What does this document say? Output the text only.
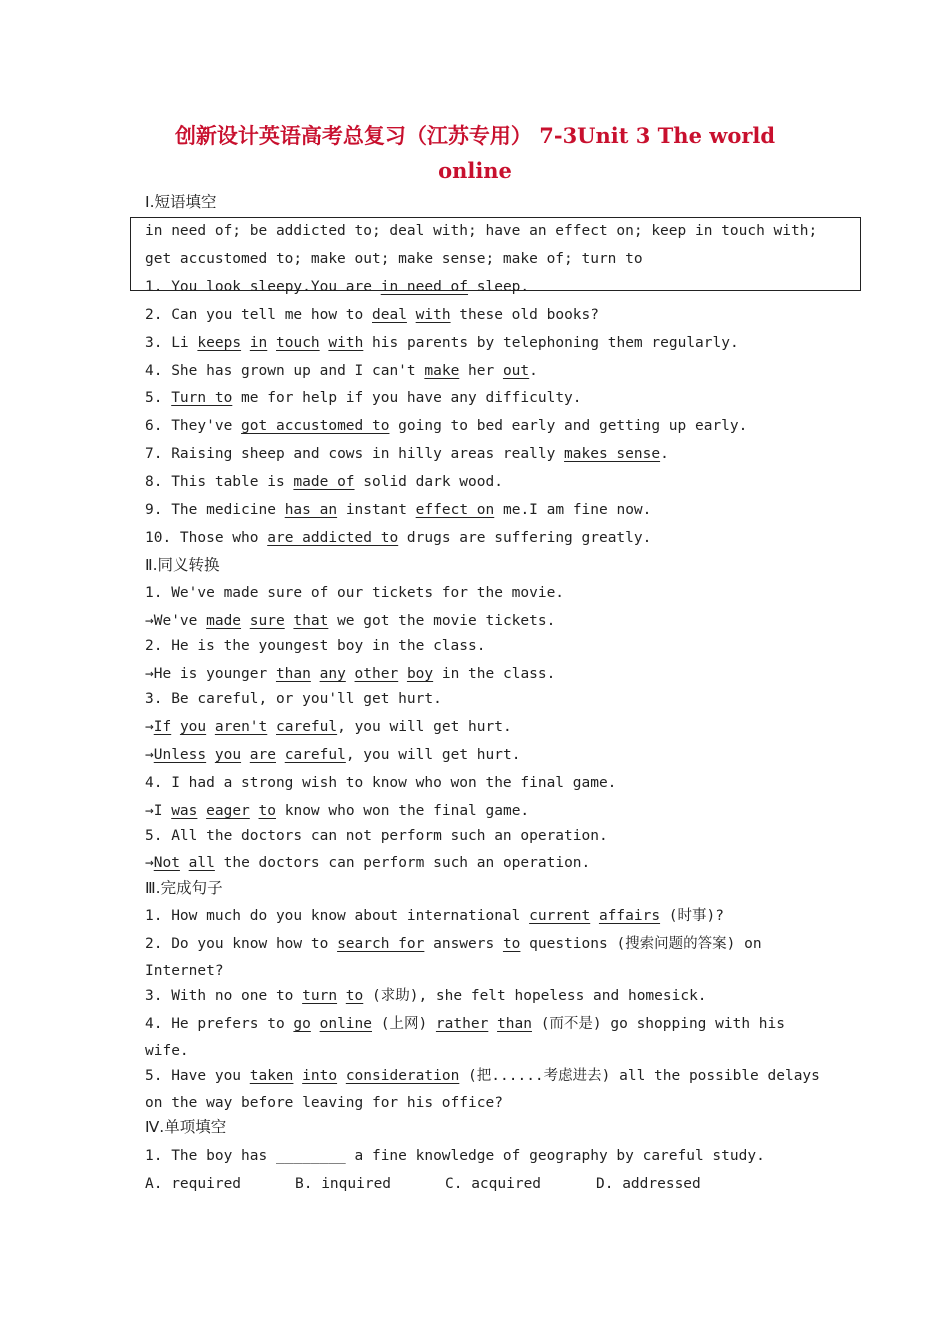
创新设计英语高考总复习（江苏专用） 7-3Unit 3 The world
online
Ⅰ.短语填空
in need of; be addicted to; deal with; have an effect on; keep in touch with;
get accustomed to; make out; make sense; make of; turn to
1. You look sleepy.You are in need of sleep.
2. Can you tell me how to deal with these old books?
3. Li keeps in touch with his parents by telephoning them regularly.
4. She has grown up and I can't make her out.
5. Turn to me for help if you have any difficulty.
6. They've got accustomed to going to bed early and getting up early.
7. Raising sheep and cows in hilly areas really makes sense.
8. This table is made of solid dark wood.
9. The medicine has an instant effect on me.I am fine now.
10. Those who are addicted to drugs are suffering greatly.
Ⅱ.同义转换
1. We've made sure of our tickets for the movie.
→We've made sure that we got the movie tickets.
2. He is the youngest boy in the class.
→He is younger than any other boy in the class.
3. Be careful, or you'll get hurt.
→If you aren't careful, you will get hurt.
→Unless you are careful, you will get hurt.
4. I had a strong wish to know who won the final game.
→I was eager to know who won the final game.
5. All the doctors can not perform such an operation.
→Not all the doctors can perform such an operation.
Ⅲ.完成句子
1. How much do you know about international current affairs (时事)?
2. Do you know how to search for answers to questions (搜索问题的答案) on
Internet?
3. With no one to turn to (求助), she felt hopeless and homesick.
4. He prefers to go online (上网) rather than (而不是) go shopping with his
wife.
5. Have you taken into consideration (把......考虑进去) all the possible delays
on the way before leaving for his office?
Ⅳ.单项填空
1. The boy has ________ a fine knowledge of geography by careful study.
A. required	B. inquired	C. acquired	D. addressed
